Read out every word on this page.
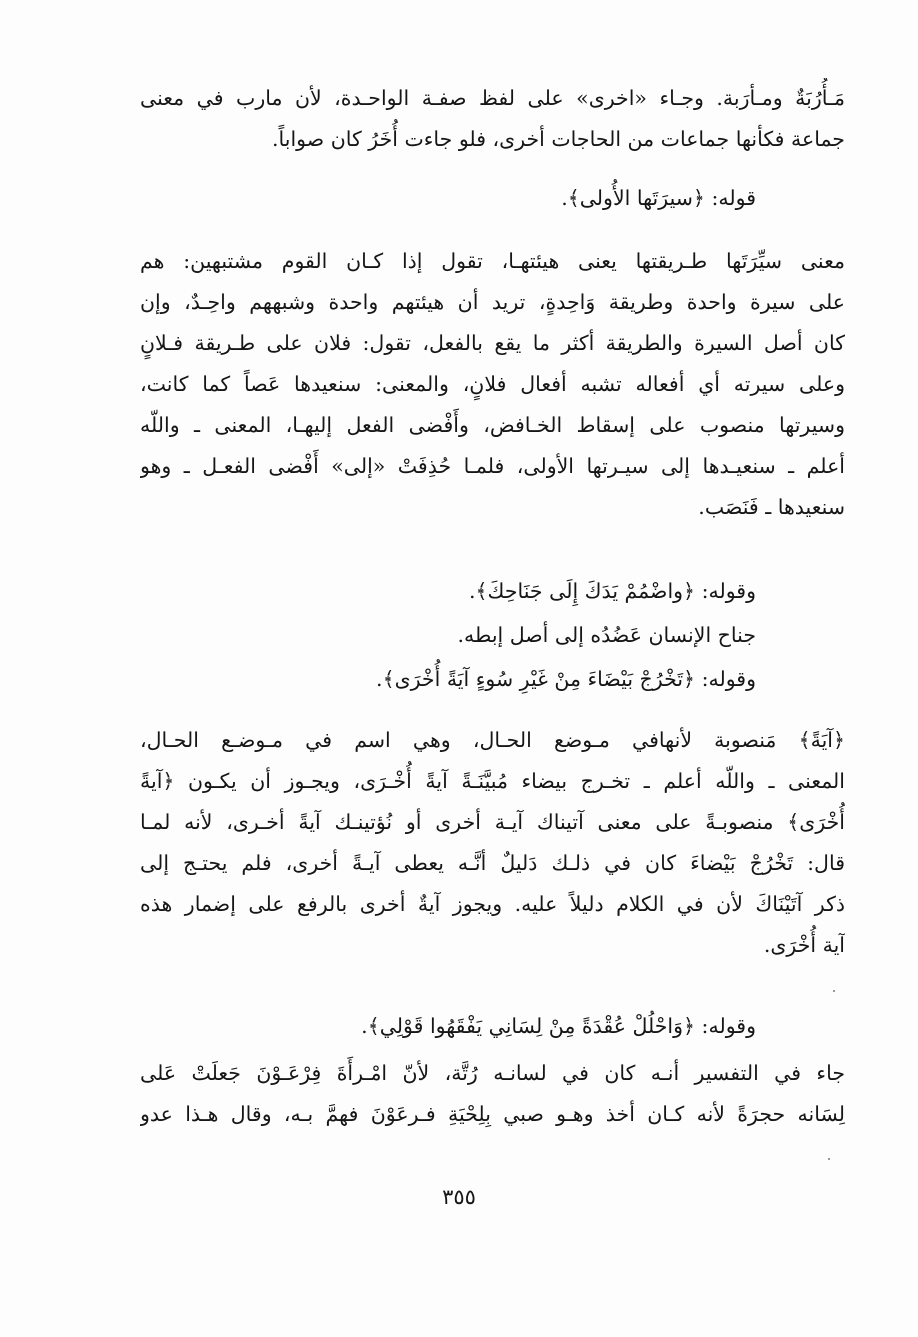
مَـأُرُبَةٌ ومـأرَبة. وجـاء «اخرى» على لفظ صفـة الواحـدة، لأن مارب في معنى
جماعة فكأنها جماعات من الحاجات أخرى، فلو جاءت أُخَرُ كان صواباً.
قوله: ﴿سيرَتَها الأُولى﴾.
معنى سيِّرَتَها طـريقتها يعنى هيئتهـا، تقول إذا كـان القوم مشتبهين: هم
على سيرة واحدة وطريقة وَاحِدةٍ، تريد أن هيئتهم واحدة وشبههم واحِـدٌ، وإن
كان أصل السيرة والطريقة أكثر ما يقع بالفعل، تقول: فلان على طـريقة فـلانٍ
وعلى سيرته أي أفعاله تشبه أفعال فلانٍ، والمعنى: سنعيدها عَصاً كما كانت،
وسيرتها منصوب على إسقاط الخـافض، وأَفْضى الفعل إليهـا، المعنى ـ واللّه
أعلم ـ سنعيـدها إلى سيـرتها الأولى، فلمـا حُذِفَتْ «إلى» أَفْضى الفعـل ـ وهو
سنعيدها ـ فَنَصَب.
وقوله: ﴿واضْمُمْ يَدَكَ إِلَى جَنَاحِكَ﴾.
جناح الإنسان عَضُدُه إلى أصل إبطه.
وقوله: ﴿تَخْرُجْ بَيْضَاءَ مِنْ غَيْرِ سُوءٍ آيَةً أُخْرَى﴾.
﴿آيَةً﴾ مَنصوبة لأنهافي مـوضع الحـال، وهي اسم في مـوضـع الحـال،
المعنى ـ واللّه أعلم ـ تخـرج بيضاء مُبيَّنَـةً آيةً أُخْـرَى، ويجـوز أن يكـون ﴿آيةً
أُخْرَى﴾ منصوبـةً على معنى آتيناك آيـة أخرى أو نُؤتينـك آيةً أخـرى، لأنه لمـا
قال: تَخْرُجْ بَيْضاءَ كان في ذلـك دَليلٌ أنَّـه يعطى آيـةً أخرى، فلم يحتـج إلى
ذكر آتَيْنَاكَ لأن في الكلام دليلاً عليه. ويجوز آيةٌ أخرى بالرفع على إضمار هذه
آية أُخْرَى.
وقوله: ﴿وَاحْلُلْ عُقْدَةً مِنْ لِسَانِي يَفْقَهُوا قَوْلِي﴾.
جاء في التفسير أنـه كان في لسانـه رُتَّة، لأنّ امْـرأَةَ فِرْعَـوْنَ جَعلَتْ عَلى
لِسَانه حجرَةً لأنه كـان أخذ وهـو صبي بِلِحْيَةِ فـرعَوْنَ فهمَّ بـه، وقال هـذا عدو
٣٥٥
